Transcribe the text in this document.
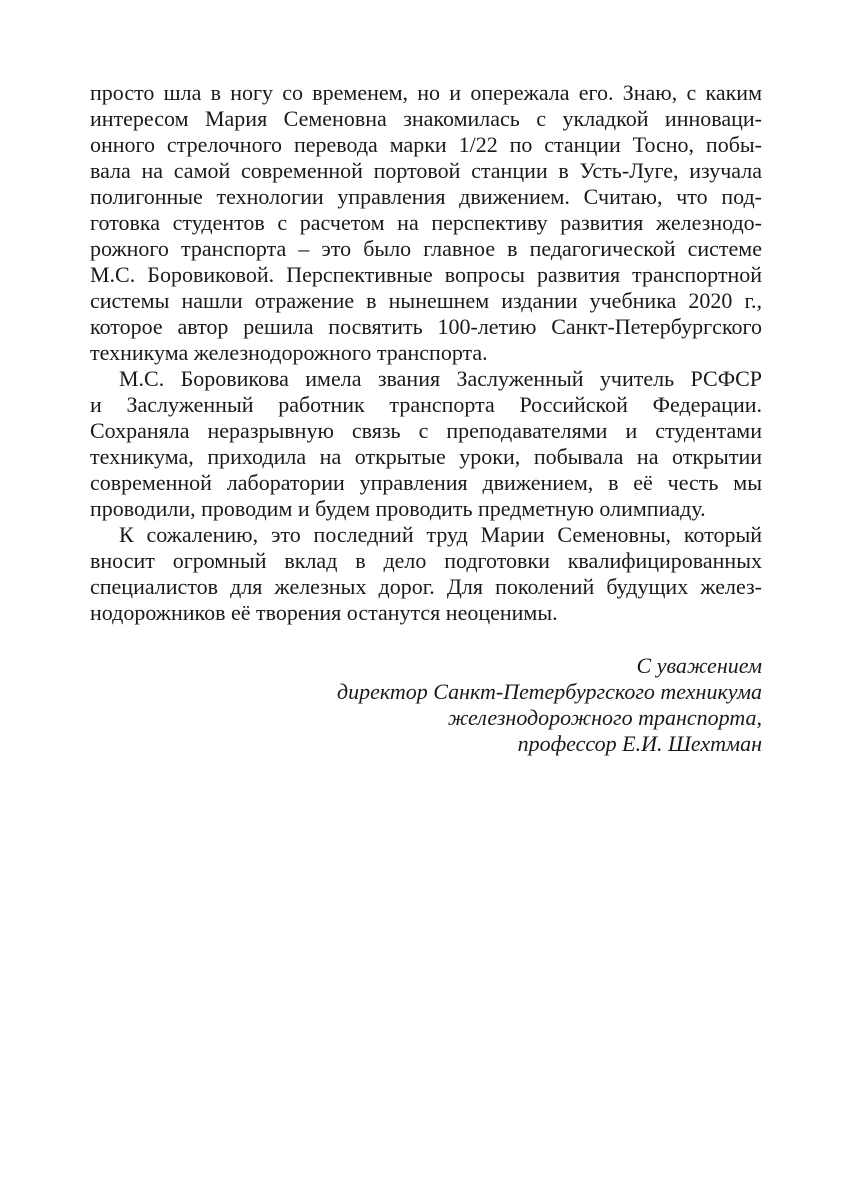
просто шла в ногу со временем, но и опережала его. Знаю, с каким
интересом Мария Семеновна знакомилась с укладкой инноваци-
онного стрелочного перевода марки 1/22 по станции Тосно, побы-
вала на самой современной портовой станции в Усть-Луге, изучала
полигонные технологии управления движением. Считаю, что под-
готовка студентов с расчетом на перспективу развития железнодо-
рожного транспорта – это было главное в педагогической системе
М.С. Боровиковой. Перспективные вопросы развития транспортной
системы нашли отражение в нынешнем издании учебника 2020 г.,
которое автор решила посвятить 100-летию Санкт-Петербургского
техникума железнодорожного транспорта.
М.С. Боровикова имела звания Заслуженный учитель РСФСР
и Заслуженный работник транспорта Российской Федерации.
Сохраняла неразрывную связь с преподавателями и студентами
техникума, приходила на открытые уроки, побывала на открытии
современной лаборатории управления движением, в её честь мы
проводили, проводим и будем проводить предметную олимпиаду.
К сожалению, это последний труд Марии Семеновны, который
вносит огромный вклад в дело подготовки квалифицированных
специалистов для железных дорог. Для поколений будущих желез-
нодорожников её творения останутся неоценимы.
С уважением
директор Санкт-Петербургского техникума
железнодорожного транспорта,
профессор Е.И. Шехтман
